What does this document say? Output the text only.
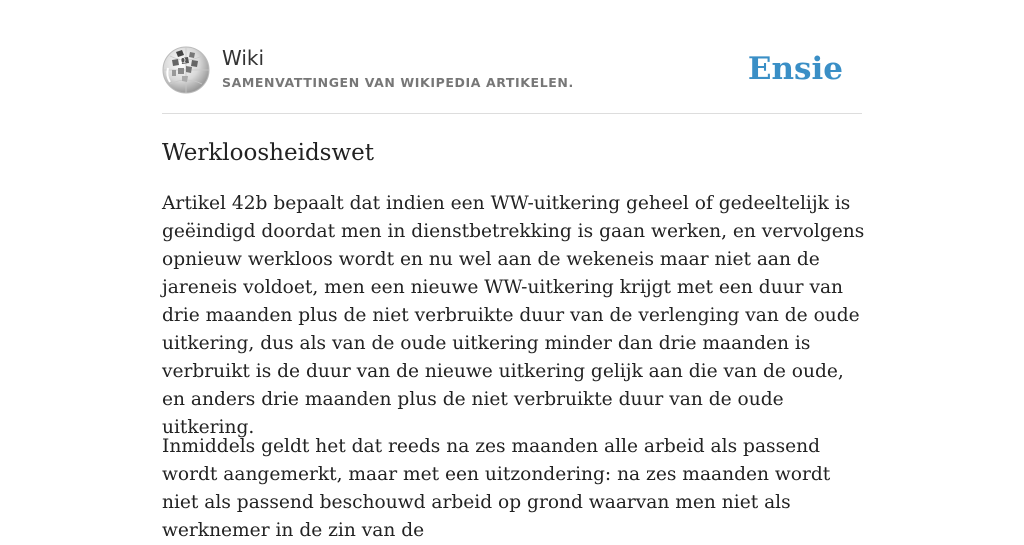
Ω Wiki
SAMENVATTINGEN VAN WIKIPEDIA ARTIKELEN.	Ensie
Werkloosheidswet

Artikel 42b bepaalt dat indien een WW-uitkering geheel of gedeeltelijk is geëindigd doordat men in dienstbetrekking is gaan werken, en vervolgens opnieuw werkloos wordt en nu wel aan de wekeneis maar niet aan de jareneis voldoet, men een nieuwe WW-uitkering krijgt met een duur van drie maanden plus de niet verbruikte duur van de verlenging van de oude uitkering, dus als van de oude uitkering minder dan drie maanden is verbruikt is de duur van de nieuwe uitkering gelijk aan die van de oude, en anders drie maanden plus de niet verbruikte duur van de oude uitkering.

Inmiddels geldt het dat reeds na zes maanden alle arbeid als passend wordt aangemerkt, maar met een uitzondering: na zes maanden wordt niet als passend beschouwd arbeid op grond waarvan men niet als werknemer in de zin van de
